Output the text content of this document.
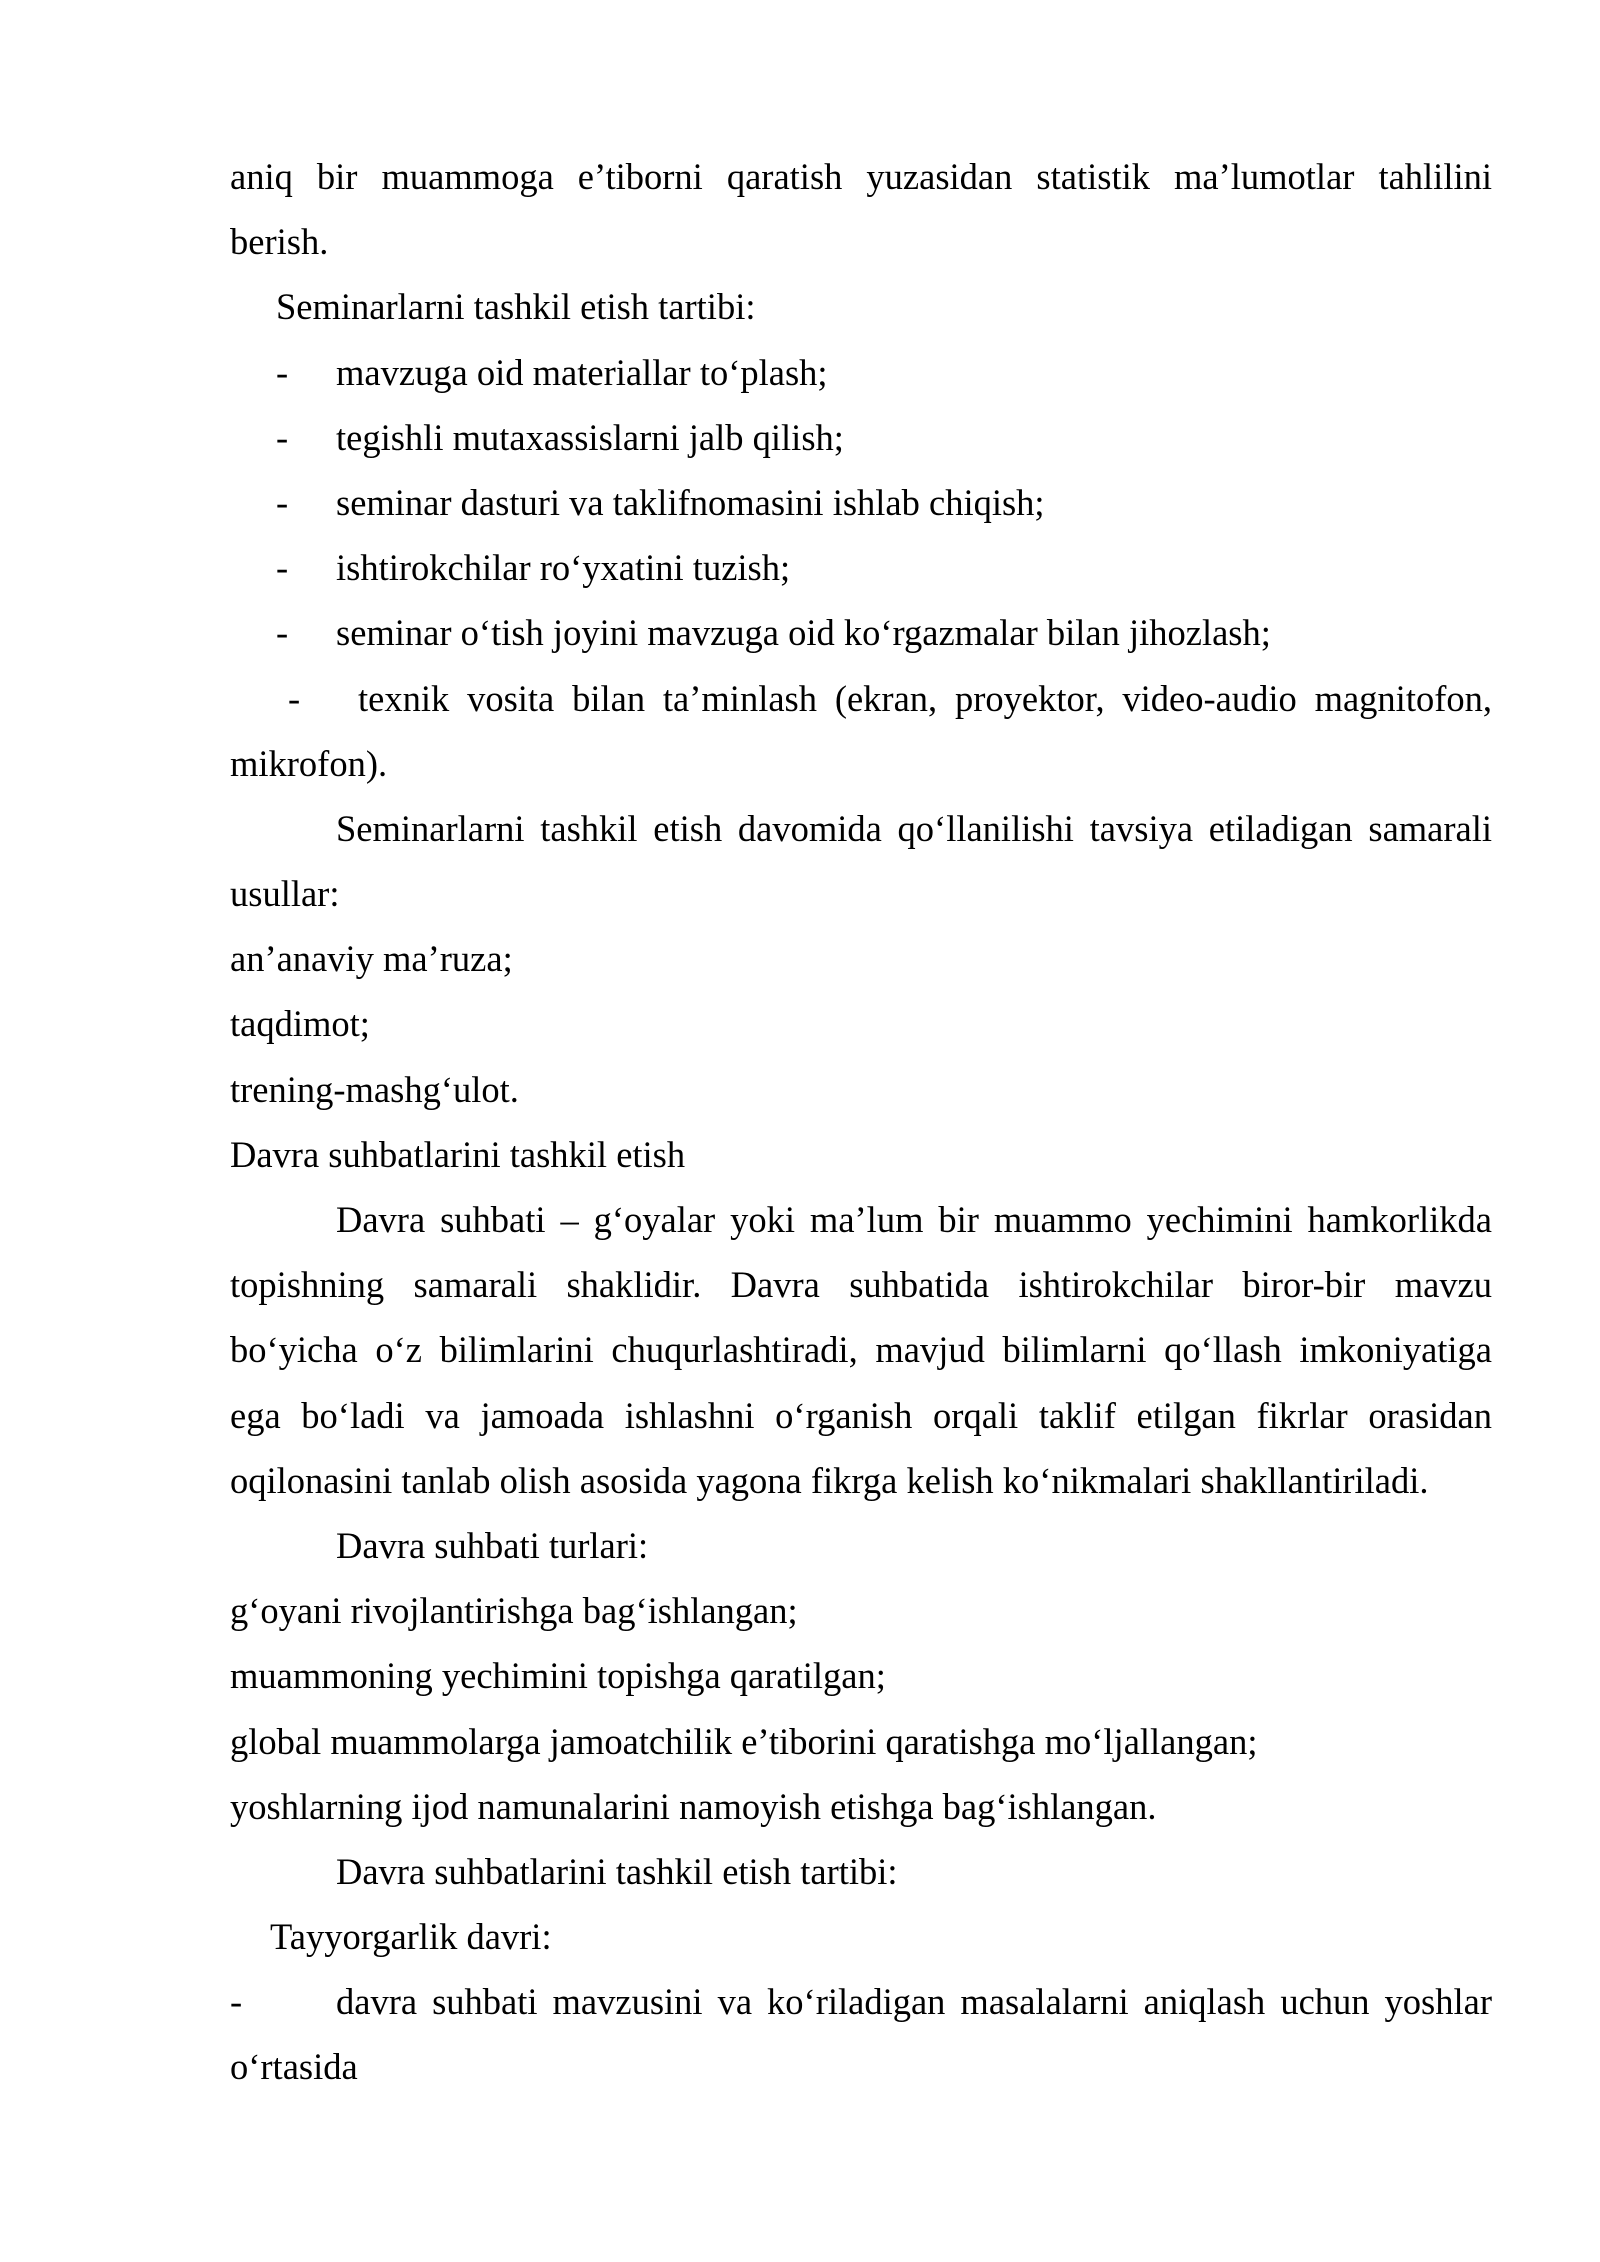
aniq bir muammoga e’tiborni qaratish yuzasidan statistik ma’lumotlar tahlilini
berish.
Seminarlarni tashkil etish tartibi:
- mavzuga oid materiallar to‘plash;
- tegishli mutaxassislarni jalb qilish;
- seminar dasturi va taklifnomasini ishlab chiqish;
- ishtirokchilar ro‘yxatini tuzish;
- seminar o‘tish joyini mavzuga oid ko‘rgazmalar bilan jihozlash;
- texnik vosita bilan ta’minlash (ekran, proyektor, video-audio magnitofon,
mikrofon).
Seminarlarni tashkil etish davomida qo‘llanilishi tavsiya etiladigan samarali
usullar:
an’anaviy ma’ruza;
taqdimot;
trening-mashg‘ulot.
Davra suhbatlarini tashkil etish
Davra suhbati – g‘oyalar yoki ma’lum bir muammo yechimini hamkorlikda
topishning samarali shaklidir. Davra suhbatida ishtirokchilar biror-bir mavzu
bo‘yicha o‘z bilimlarini chuqurlashtiradi, mavjud bilimlarni qo‘llash imkoniyatiga
ega bo‘ladi va jamoada ishlashni o‘rganish orqali taklif etilgan fikrlar orasidan
oqilonasini tanlab olish asosida yagona fikrga kelish ko‘nikmalari shakllantiriladi.
Davra suhbati turlari:
g‘oyani rivojlantirishga bag‘ishlangan;
muammoning yechimini topishga qaratilgan;
global muammolarga jamoatchilik e’tiborini qaratishga mo‘ljallangan;
yoshlarning ijod namunalarini namoyish etishga bag‘ishlangan.
Davra suhbatlarini tashkil etish tartibi:
Tayyorgarlik davri:
-	davra suhbati mavzusini va ko‘riladigan masalalarni aniqlash uchun yoshlar
o‘rtasida
